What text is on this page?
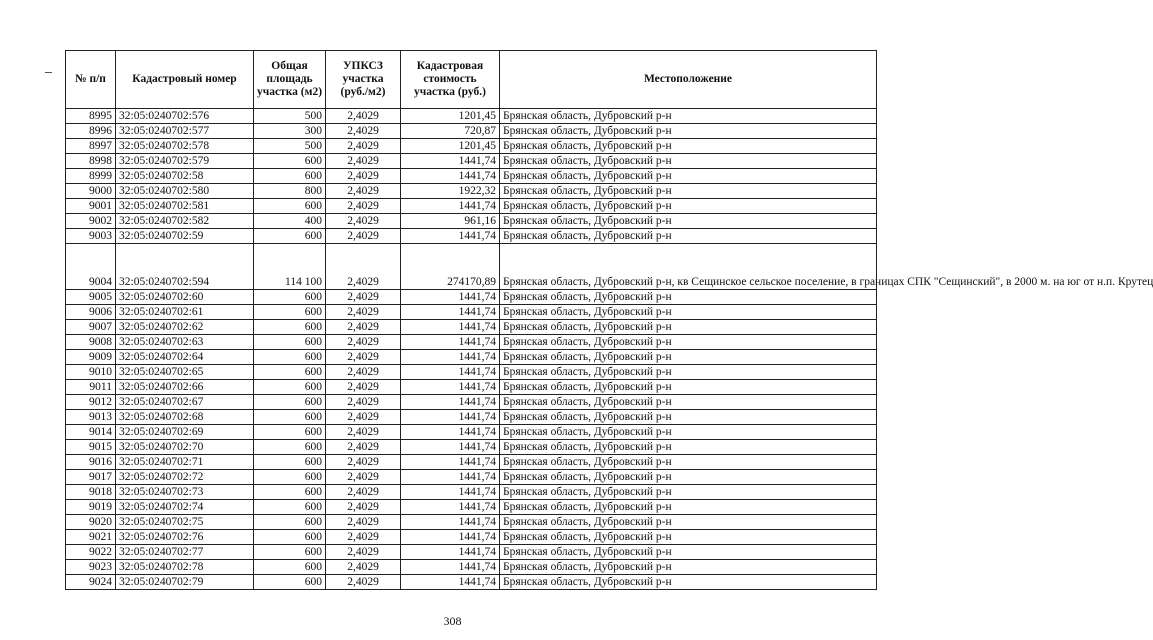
№ п/п	Кадастровый номер	Общая площадь участка (м2)	УПКСЗ участка (руб./м2)	Кадастровая стоимость участка (руб.)	Местоположение
8995	32:05:0240702:576	500	2,4029	1201,45	Брянская область, Дубровский р-н
8996	32:05:0240702:577	300	2,4029	720,87	Брянская область, Дубровский р-н
8997	32:05:0240702:578	500	2,4029	1201,45	Брянская область, Дубровский р-н
8998	32:05:0240702:579	600	2,4029	1441,74	Брянская область, Дубровский р-н
8999	32:05:0240702:58	600	2,4029	1441,74	Брянская область, Дубровский р-н
9000	32:05:0240702:580	800	2,4029	1922,32	Брянская область, Дубровский р-н
9001	32:05:0240702:581	600	2,4029	1441,74	Брянская область, Дубровский р-н
9002	32:05:0240702:582	400	2,4029	961,16	Брянская область, Дубровский р-н
9003	32:05:0240702:59	600	2,4029	1441,74	Брянская область, Дубровский р-н
9004	32:05:0240702:594	114 100	2,4029	274170,89	Брянская область, Дубровский р-н, кв Сещинское сельское поселение, в границах СПК "Сещинский", в 2000 м. на юг от н.п. Крутец
9005	32:05:0240702:60	600	2,4029	1441,74	Брянская область, Дубровский р-н
9006	32:05:0240702:61	600	2,4029	1441,74	Брянская область, Дубровский р-н
9007	32:05:0240702:62	600	2,4029	1441,74	Брянская область, Дубровский р-н
9008	32:05:0240702:63	600	2,4029	1441,74	Брянская область, Дубровский р-н
9009	32:05:0240702:64	600	2,4029	1441,74	Брянская область, Дубровский р-н
9010	32:05:0240702:65	600	2,4029	1441,74	Брянская область, Дубровский р-н
9011	32:05:0240702:66	600	2,4029	1441,74	Брянская область, Дубровский р-н
9012	32:05:0240702:67	600	2,4029	1441,74	Брянская область, Дубровский р-н
9013	32:05:0240702:68	600	2,4029	1441,74	Брянская область, Дубровский р-н
9014	32:05:0240702:69	600	2,4029	1441,74	Брянская область, Дубровский р-н
9015	32:05:0240702:70	600	2,4029	1441,74	Брянская область, Дубровский р-н
9016	32:05:0240702:71	600	2,4029	1441,74	Брянская область, Дубровский р-н
9017	32:05:0240702:72	600	2,4029	1441,74	Брянская область, Дубровский р-н
9018	32:05:0240702:73	600	2,4029	1441,74	Брянская область, Дубровский р-н
9019	32:05:0240702:74	600	2,4029	1441,74	Брянская область, Дубровский р-н
9020	32:05:0240702:75	600	2,4029	1441,74	Брянская область, Дубровский р-н
9021	32:05:0240702:76	600	2,4029	1441,74	Брянская область, Дубровский р-н
9022	32:05:0240702:77	600	2,4029	1441,74	Брянская область, Дубровский р-н
9023	32:05:0240702:78	600	2,4029	1441,74	Брянская область, Дубровский р-н
9024	32:05:0240702:79	600	2,4029	1441,74	Брянская область, Дубровский р-н
308
